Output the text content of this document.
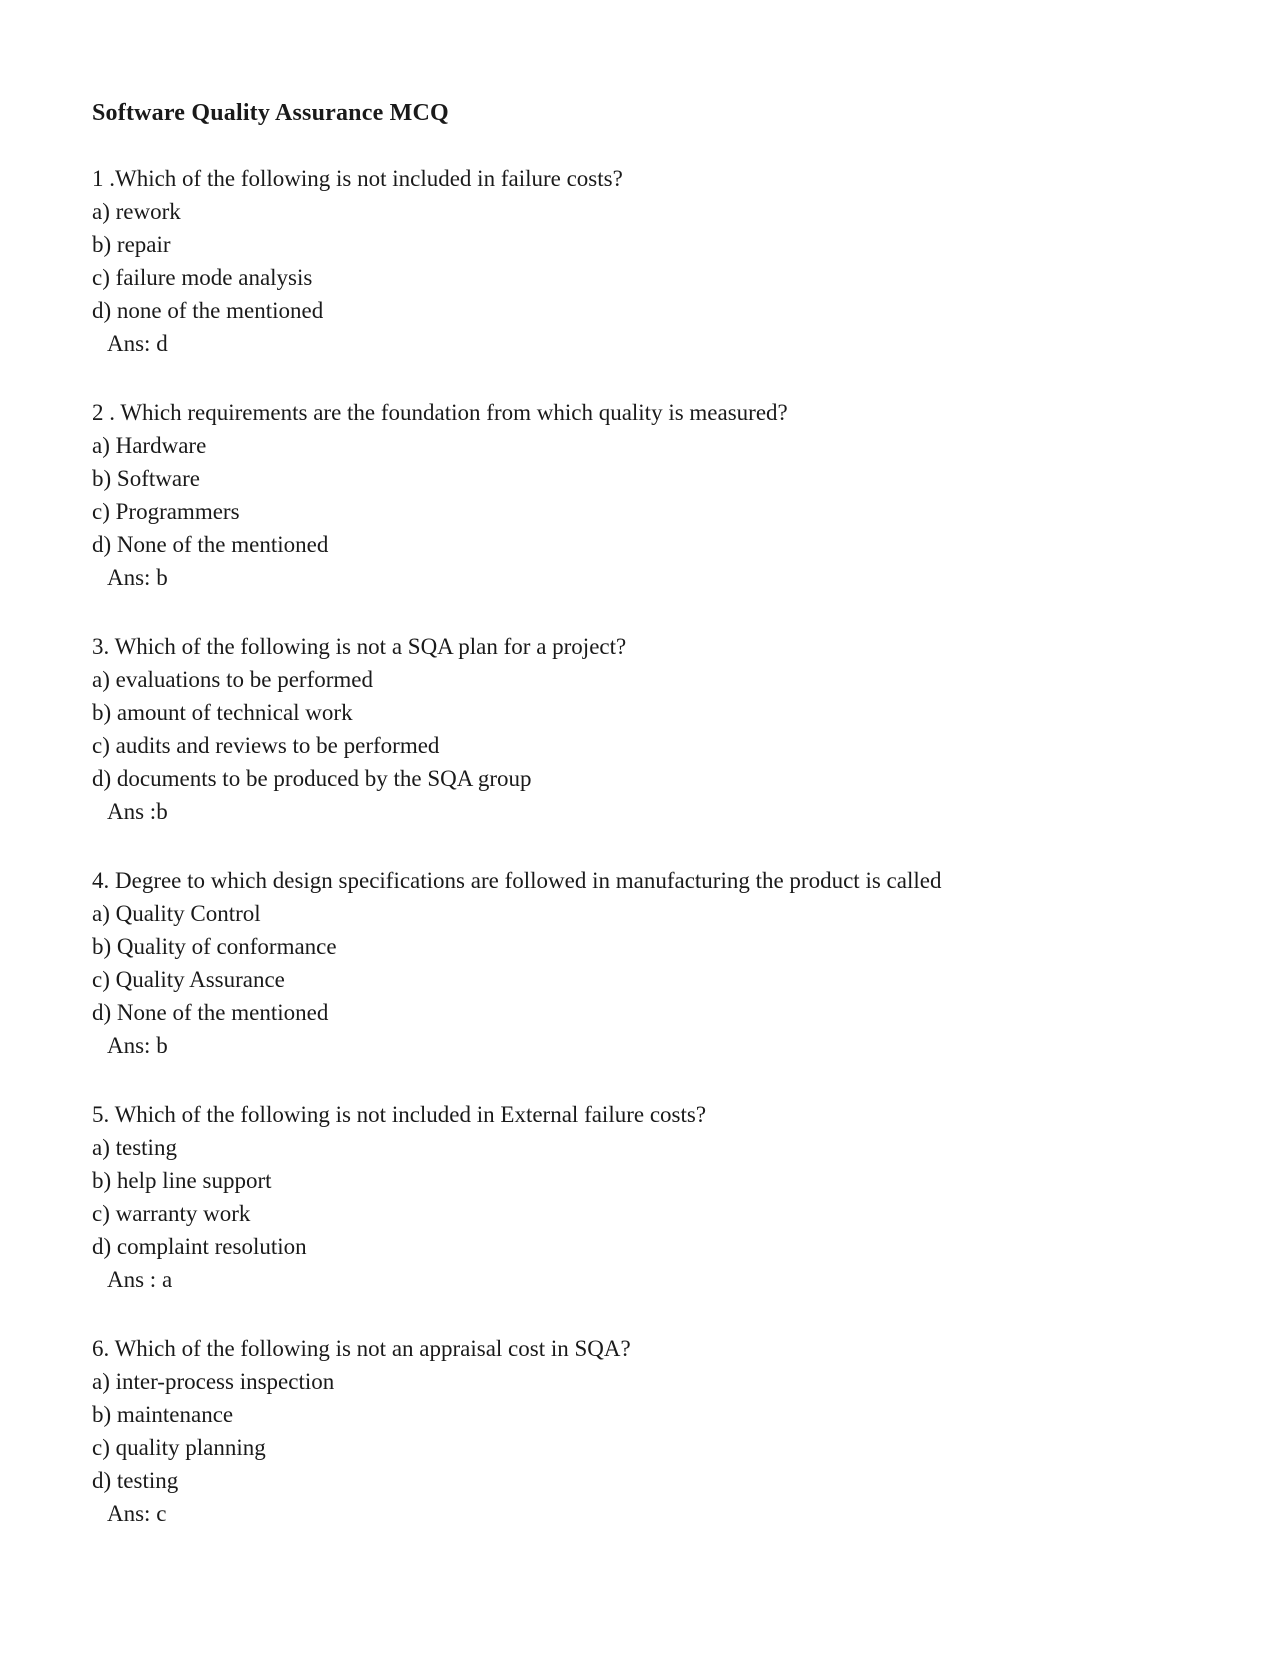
Software Quality Assurance MCQ
1 .Which of the following is not included in failure costs?
a) rework
b) repair
c) failure mode analysis
d) none of the mentioned
Ans: d
2 . Which requirements are the foundation from which quality is measured?
a) Hardware
b) Software
c) Programmers
d) None of the mentioned
Ans: b
3. Which of the following is not a SQA plan for a project?
a) evaluations to be performed
b) amount of technical work
c) audits and reviews to be performed
d) documents to be produced by the SQA group
Ans :b
4. Degree to which design specifications are followed in manufacturing the product is called
a) Quality Control
b) Quality of conformance
c) Quality Assurance
d) None of the mentioned
Ans: b
5. Which of the following is not included in External failure costs?
a) testing
b) help line support
c) warranty work
d) complaint resolution
Ans : a
6. Which of the following is not an appraisal cost in SQA?
a) inter-process inspection
b) maintenance
c) quality planning
d) testing
Ans: c
